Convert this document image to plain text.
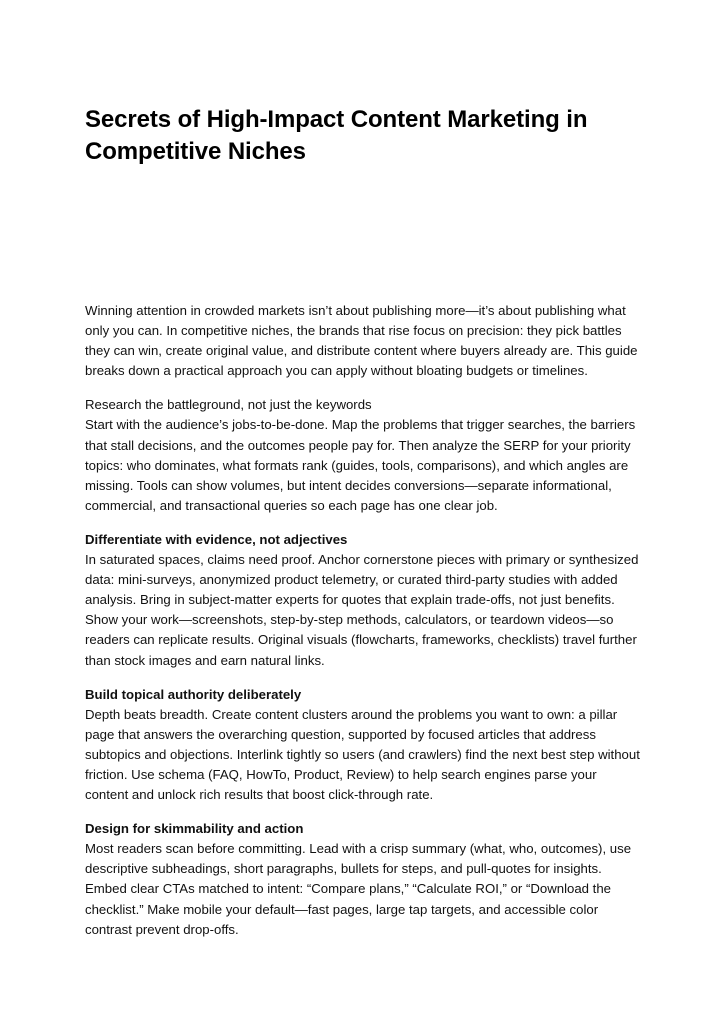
Secrets of High-Impact Content Marketing in Competitive Niches

Winning attention in crowded markets isn’t about publishing more—it’s about publishing what only you can. In competitive niches, the brands that rise focus on precision: they pick battles they can win, create original value, and distribute content where buyers already are. This guide breaks down a practical approach you can apply without bloating budgets or timelines.

Research the battleground, not just the keywords

Start with the audience’s jobs-to-be-done. Map the problems that trigger searches, the barriers that stall decisions, and the outcomes people pay for. Then analyze the SERP for your priority topics: who dominates, what formats rank (guides, tools, comparisons), and which angles are missing. Tools can show volumes, but intent decides conversions—separate informational, commercial, and transactional queries so each page has one clear job.

Differentiate with evidence, not adjectives

In saturated spaces, claims need proof. Anchor cornerstone pieces with primary or synthesized data: mini-surveys, anonymized product telemetry, or curated third-party studies with added analysis. Bring in subject-matter experts for quotes that explain trade-offs, not just benefits. Show your work—screenshots, step-by-step methods, calculators, or teardown videos—so readers can replicate results. Original visuals (flowcharts, frameworks, checklists) travel further than stock images and earn natural links.

Build topical authority deliberately

Depth beats breadth. Create content clusters around the problems you want to own: a pillar page that answers the overarching question, supported by focused articles that address subtopics and objections. Interlink tightly so users (and crawlers) find the next best step without friction. Use schema (FAQ, HowTo, Product, Review) to help search engines parse your content and unlock rich results that boost click-through rate.

Design for skimmability and action

Most readers scan before committing. Lead with a crisp summary (what, who, outcomes), use descriptive subheadings, short paragraphs, bullets for steps, and pull-quotes for insights. Embed clear CTAs matched to intent: “Compare plans,” “Calculate ROI,” or “Download the checklist.” Make mobile your default—fast pages, large tap targets, and accessible color contrast prevent drop-offs.
